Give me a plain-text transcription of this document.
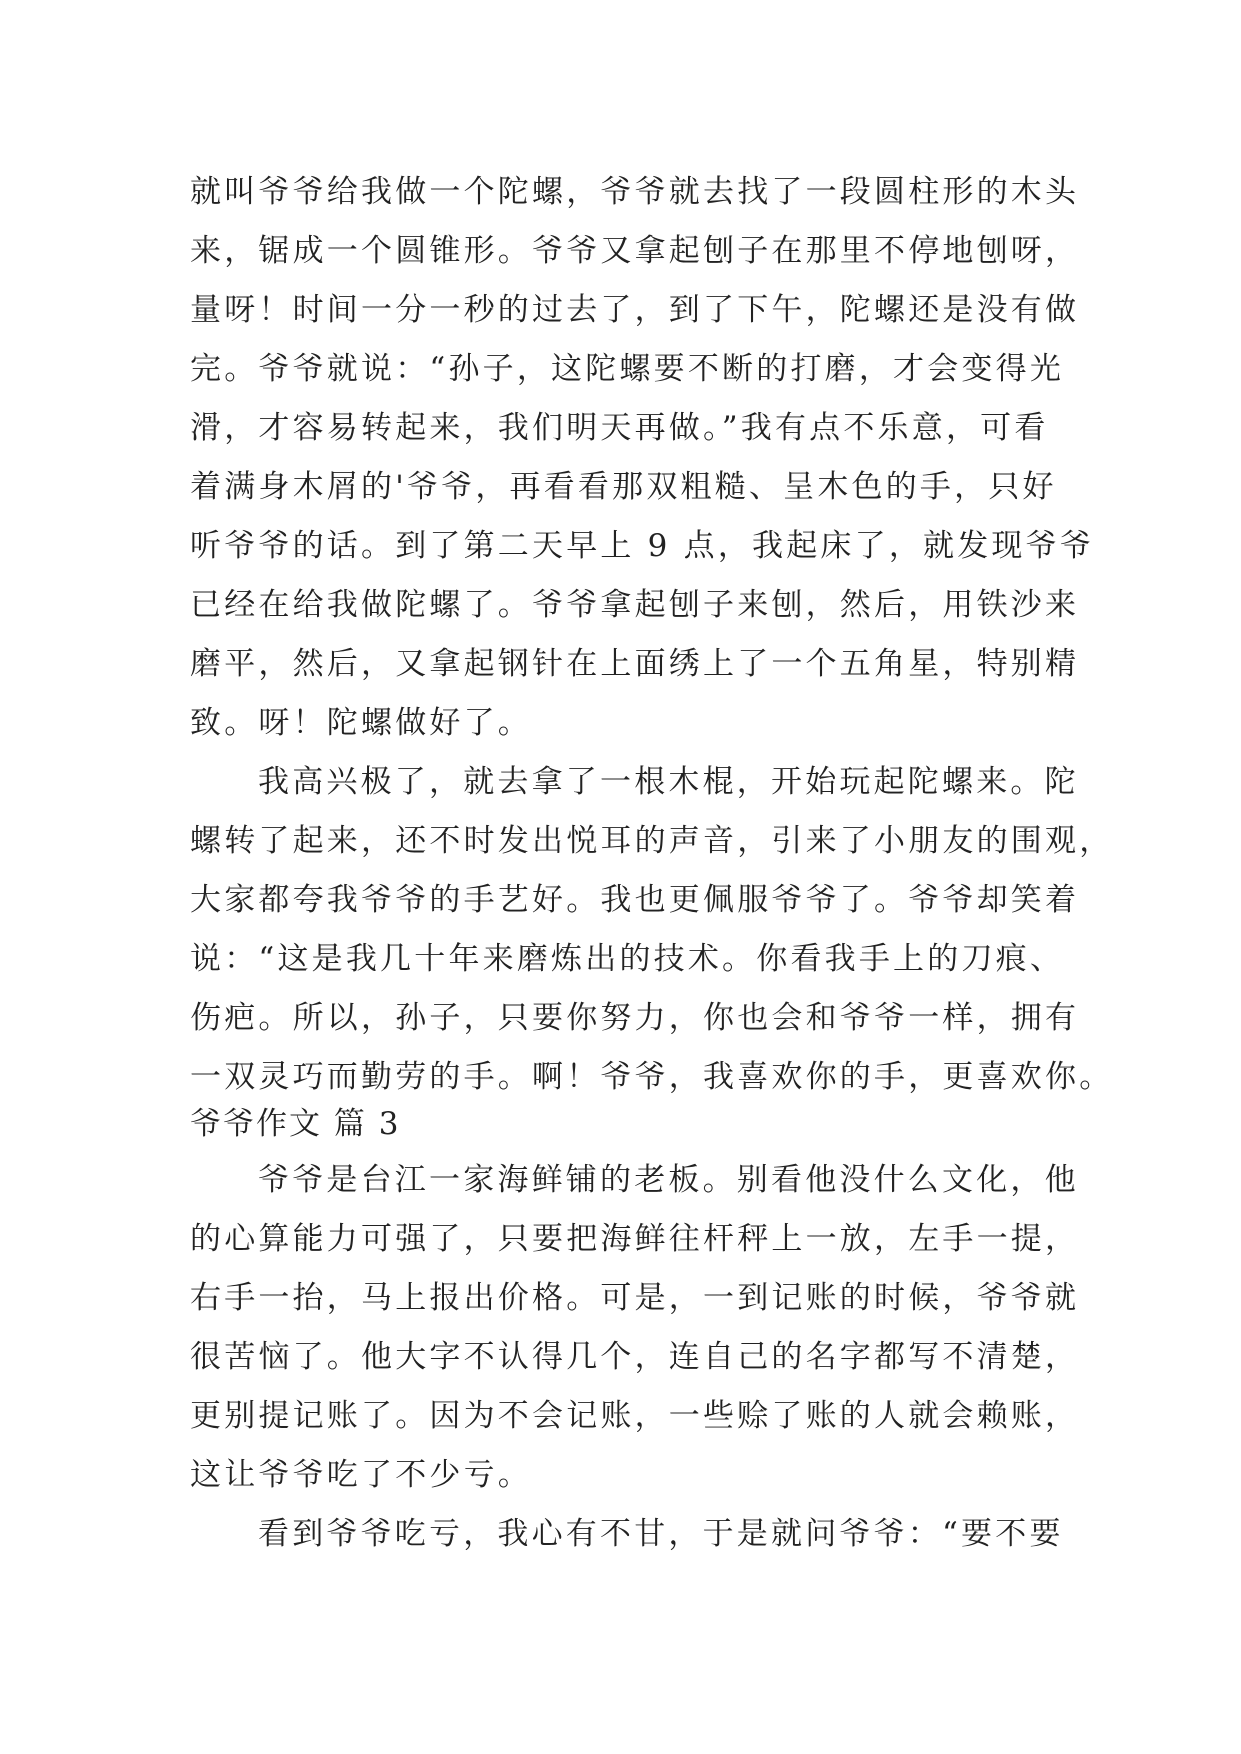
就叫爷爷给我做一个陀螺，爷爷就去找了一段圆柱形的木头
来，锯成一个圆锥形。爷爷又拿起刨子在那里不停地刨呀，
量呀！时间一分一秒的过去了，到了下午，陀螺还是没有做
完。爷爷就说：“孙子，这陀螺要不断的打磨，才会变得光
滑，才容易转起来，我们明天再做。”我有点不乐意，可看
着满身木屑的'爷爷，再看看那双粗糙、呈木色的手，只好
听爷爷的话。到了第二天早上 9 点，我起床了，就发现爷爷
已经在给我做陀螺了。爷爷拿起刨子来刨，然后，用铁沙来
磨平，然后，又拿起钢针在上面绣上了一个五角星，特别精
致。呀！陀螺做好了。
我高兴极了，就去拿了一根木棍，开始玩起陀螺来。陀
螺转了起来，还不时发出悦耳的声音，引来了小朋友的围观，
大家都夸我爷爷的手艺好。我也更佩服爷爷了。爷爷却笑着
说：“这是我几十年来磨炼出的技术。你看我手上的刀痕、
伤疤。所以，孙子，只要你努力，你也会和爷爷一样，拥有
一双灵巧而勤劳的手。啊！爷爷，我喜欢你的手，更喜欢你。
爷爷作文 篇 3
爷爷是台江一家海鲜铺的老板。别看他没什么文化，他
的心算能力可强了，只要把海鲜往杆秤上一放，左手一提，
右手一抬，马上报出价格。可是，一到记账的时候，爷爷就
很苦恼了。他大字不认得几个，连自己的名字都写不清楚，
更别提记账了。因为不会记账，一些赊了账的人就会赖账，
这让爷爷吃了不少亏。
看到爷爷吃亏，我心有不甘，于是就问爷爷：“要不要
